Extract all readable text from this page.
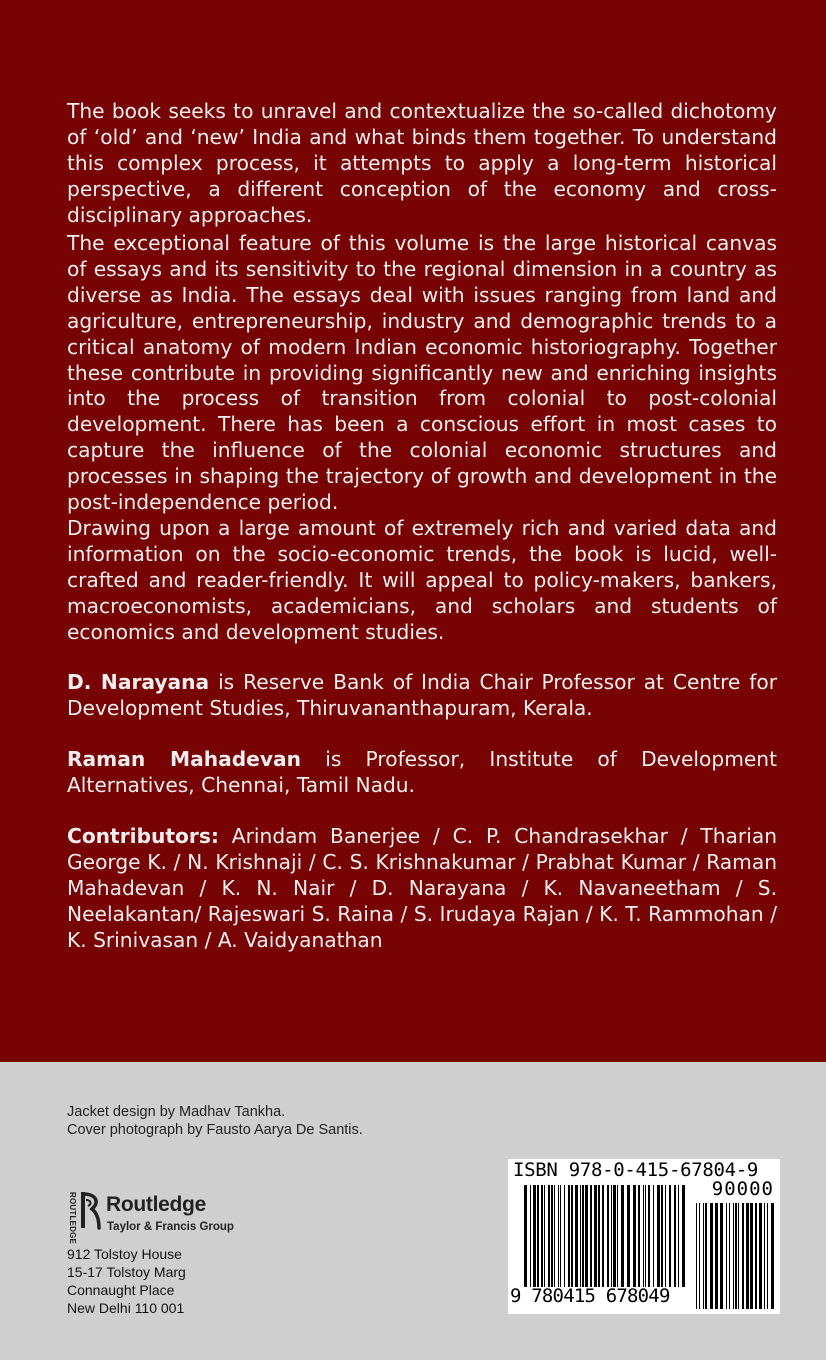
The book seeks to unravel and contextualize the so-called dichotomy of ‘old’ and ‘new’ India and what binds them together. To understand this complex process, it attempts to apply a long-term historical perspective, a different conception of the economy and cross-disciplinary approaches.
The exceptional feature of this volume is the large historical canvas of essays and its sensitivity to the regional dimension in a country as diverse as India. The essays deal with issues ranging from land and agriculture, entrepreneurship, industry and demographic trends to a critical anatomy of modern Indian economic historiography. Together these contribute in providing significantly new and enriching insights into the process of transition from colonial to post-colonial development. There has been a conscious effort in most cases to capture the influence of the colonial economic structures and processes in shaping the trajectory of growth and development in the post-independence period.
Drawing upon a large amount of extremely rich and varied data and information on the socio-economic trends, the book is lucid, well-crafted and reader-friendly. It will appeal to policy-makers, bankers, macroeconomists, academicians, and scholars and students of economics and development studies.
D. Narayana is Reserve Bank of India Chair Professor at Centre for Development Studies, Thiruvananthapuram, Kerala.
Raman Mahadevan is Professor, Institute of Development Alternatives, Chennai, Tamil Nadu.
Contributors: Arindam Banerjee / C. P. Chandrasekhar / Tharian George K. / N. Krishnaji / C. S. Krishnakumar / Prabhat Kumar / Raman Mahadevan / K. N. Nair / D. Narayana / K. Navaneetham / S. Neelakantan/ Rajeswari S. Raina / S. Irudaya Rajan / K. T. Rammohan / K. Srinivasan / A. Vaidyanathan
Jacket design by Madhav Tankha.
Cover photograph by Fausto Aarya De Santis.
ROUTLEDGE Routledge
Taylor & Francis Group
912 Tolstoy House
15-17 Tolstoy Marg
Connaught Place
New Delhi 110 001
ISBN 978-0-415-67804-9
90000
9 780415 678049
